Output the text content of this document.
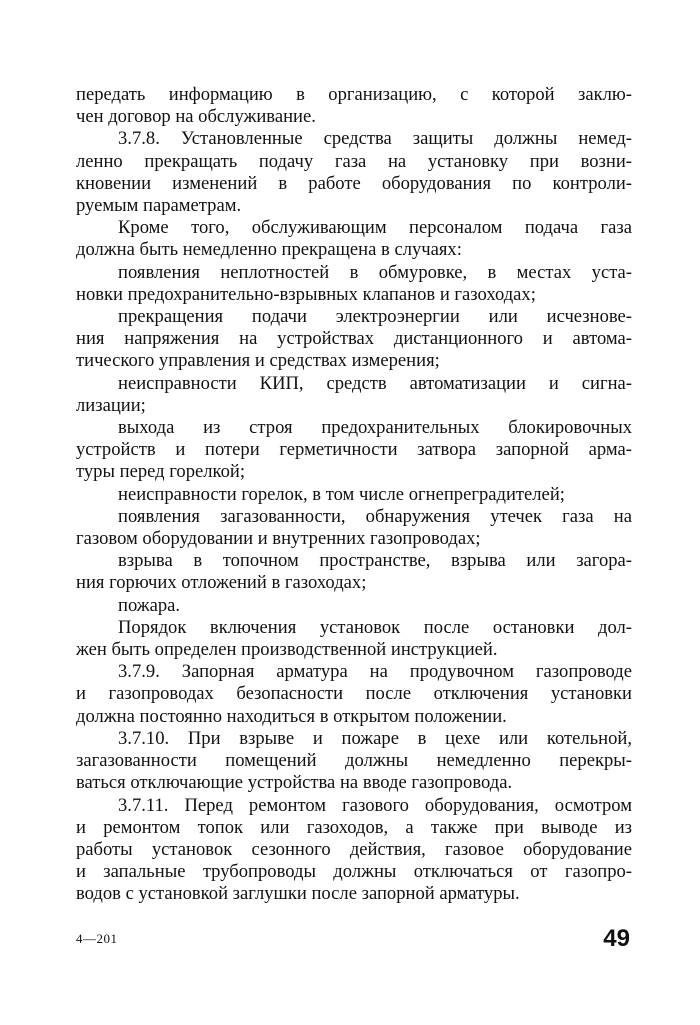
передать информацию в организацию, с которой заклю-
чен договор на обслуживание.
3.7.8. Установленные средства защиты должны немед-
ленно прекращать подачу газа на установку при возни-
кновении изменений в работе оборудования по контроли-
руемым параметрам.
Кроме того, обслуживающим персоналом подача газа
должна быть немедленно прекращена в случаях:
появления неплотностей в обмуровке, в местах уста-
новки предохранительно-взрывных клапанов и газоходах;
прекращения подачи электроэнергии или исчезнове-
ния напряжения на устройствах дистанционного и автома-
тического управления и средствах измерения;
неисправности КИП, средств автоматизации и сигна-
лизации;
выхода из строя предохранительных блокировочных
устройств и потери герметичности затвора запорной арма-
туры перед горелкой;
неисправности горелок, в том числе огнепреградителей;
появления загазованности, обнаружения утечек газа на
газовом оборудовании и внутренних газопроводах;
взрыва в топочном пространстве, взрыва или загора-
ния горючих отложений в газоходах;
пожара.
Порядок включения установок после остановки дол-
жен быть определен производственной инструкцией.
3.7.9. Запорная арматура на продувочном газопроводе
и газопроводах безопасности после отключения установки
должна постоянно находиться в открытом положении.
3.7.10. При взрыве и пожаре в цехе или котельной,
загазованности помещений должны немедленно перекры-
ваться отключающие устройства на вводе газопровода.
3.7.11. Перед ремонтом газового оборудования, осмотром
и ремонтом топок или газоходов, а также при выводе из
работы установок сезонного действия, газовое оборудование
и запальные трубопроводы должны отключаться от газопро-
водов с установкой заглушки после запорной арматуры.
4—201	49
